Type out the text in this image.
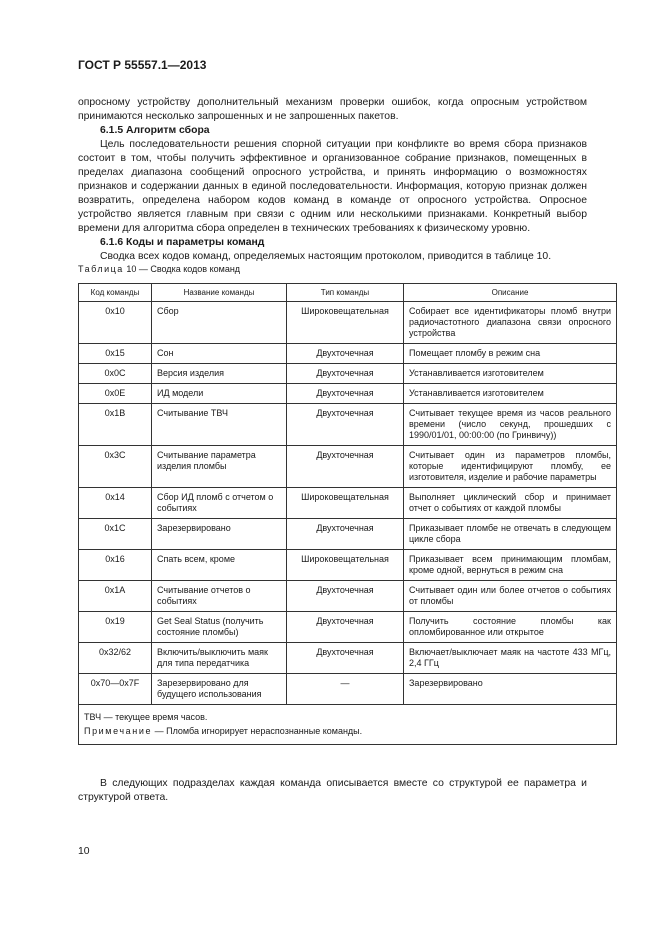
ГОСТ Р 55557.1—2013

опросному устройству дополнительный механизм проверки ошибок, когда опросным устройством принимаются несколько запрошенных и не запрошенных пакетов.

6.1.5 Алгоритм сбора

Цель последовательности решения спорной ситуации при конфликте во время сбора признаков состоит в том, чтобы получить эффективное и организованное собрание признаков, помещенных в пределах диапазона сообщений опросного устройства, и принять информацию о возможностях признаков и содержании данных в единой последовательности. Информация, которую признак должен возвратить, определена набором кодов команд в команде от опросного устройства. Опросное устройство является главным при связи с одним или несколькими признаками. Конкретный выбор времени для алгоритма сбора определен в технических требованиях к физическому уровню.

6.1.6 Коды и параметры команд

Сводка всех кодов команд, определяемых настоящим протоколом, приводится в таблице 10.

Таблица 10 — Сводка кодов команд
Код команды	Название команды	Тип команды	Описание
0x10	Сбор	Широковещательная	Собирает все идентификаторы пломб внутри радиочастотного диапазона связи опросного устройства
0x15	Сон	Двухточечная	Помещает пломбу в режим сна
0x0C	Версия изделия	Двухточечная	Устанавливается изготовителем
0x0E	ИД модели	Двухточечная	Устанавливается изготовителем
0x1B	Считывание ТВЧ	Двухточечная	Считывает текущее время из часов реального времени (число секунд, прошедших с 1990/01/01, 00:00:00 (по Гринвичу))
0x3C	Считывание параметра изделия пломбы	Двухточечная	Считывает один из параметров пломбы, которые идентифицируют пломбу, ее изготовителя, изделие и рабочие параметры
0x14	Сбор ИД пломб с отчетом о событиях	Широковещательная	Выполняет циклический сбор и принимает отчет о событиях от каждой пломбы
0x1C	Зарезервировано	Двухточечная	Приказывает пломбе не отвечать в следующем цикле сбора
0x16	Спать всем, кроме	Широковещательная	Приказывает всем принимающим пломбам, кроме одной, вернуться в режим сна
0x1A	Считывание отчетов о событиях	Двухточечная	Считывает один или более отчетов о событиях от пломбы
0x19	Get Seal Status (получить состояние пломбы)	Двухточечная	Получить состояние пломбы как опломбированное или открытое
0x32/62	Включить/выключить маяк для типа передатчика	Двухточечная	Включает/выключает маяк на частоте 433 МГц, 2,4 ГГц
0x70—0x7F	Зарезервировано для будущего использования	—	Зарезервировано

ТВЧ — текущее время часов.
Примечание — Пломба игнорирует нераспознанные команды.			

В следующих подразделах каждая команда описывается вместе со структурой ее параметра и структурой ответа.

10
